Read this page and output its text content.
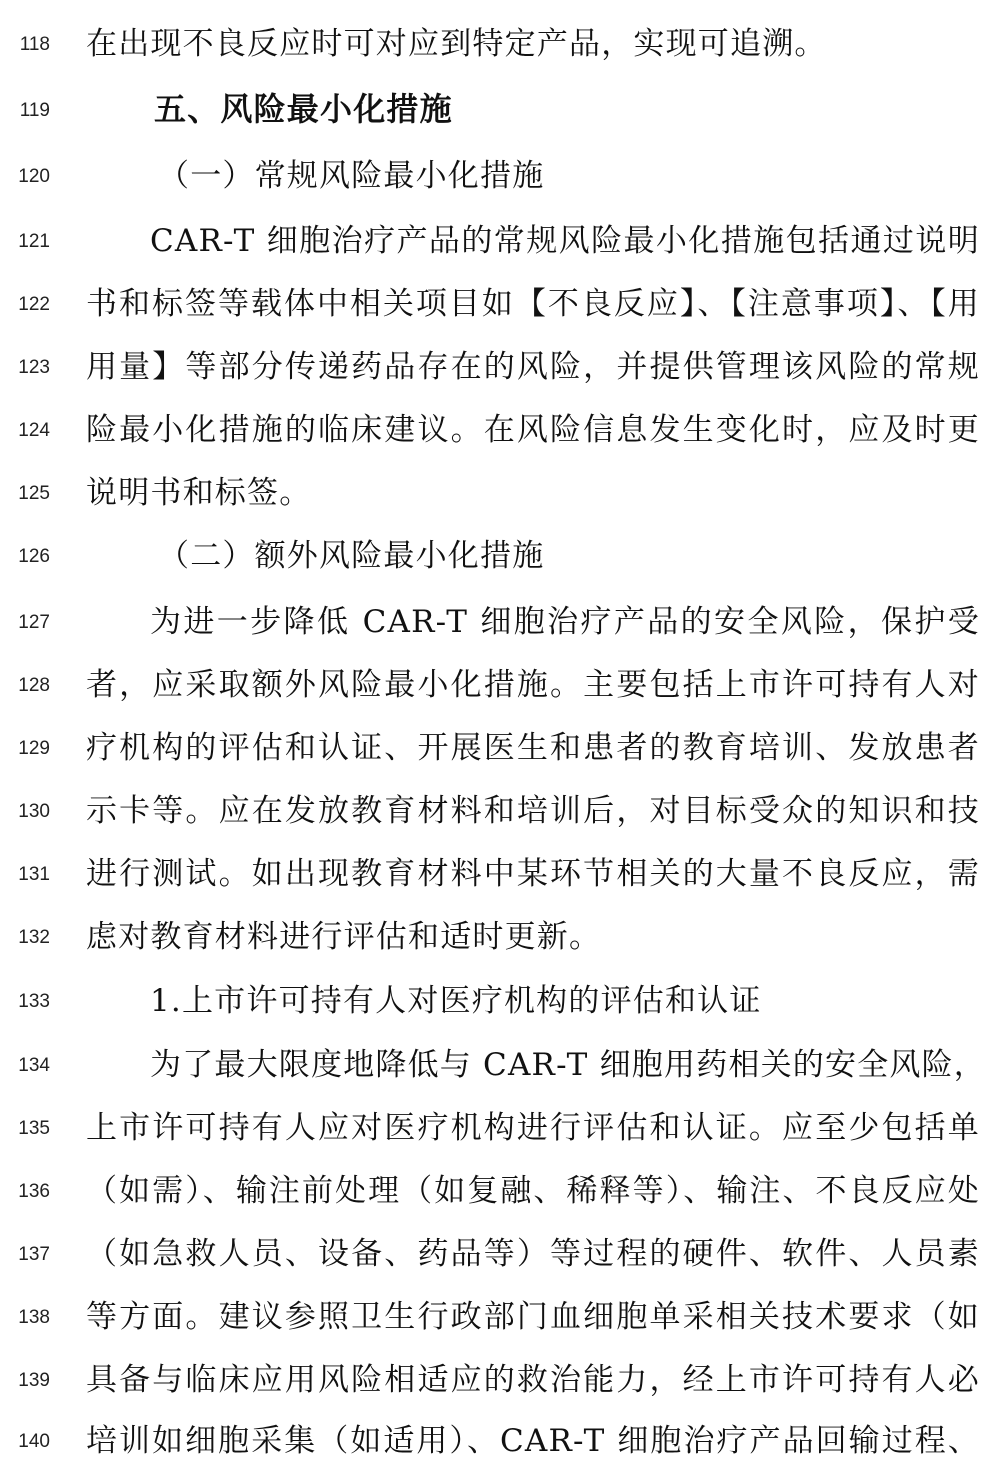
118 在出现不良反应时可对应到特定产品，实现可追溯。
119	五、风险最小化措施
120	（一）常规风险最小化措施
121	CAR-T 细胞治疗产品的常规风险最小化措施包括通过说明
122 书和标签等载体中相关项目如【不良反应】、【注意事项】、【用
123 用量】等部分传递药品存在的风险，并提供管理该风险的常规
124 险最小化措施的临床建议。在风险信息发生变化时，应及时更
125 说明书和标签。
126	（二）额外风险最小化措施
127	为进一步降低 CAR-T 细胞治疗产品的安全风险，保护受
128 者，应采取额外风险最小化措施。主要包括上市许可持有人对
129 疗机构的评估和认证、开展医生和患者的教育培训、发放患者
130 示卡等。应在发放教育材料和培训后，对目标受众的知识和技
131 进行测试。如出现教育材料中某环节相关的大量不良反应，需
132 虑对教育材料进行评估和适时更新。
133	1.上市许可持有人对医疗机构的评估和认证
134	为了最大限度地降低与 CAR-T 细胞用药相关的安全风险，
135 上市许可持有人应对医疗机构进行评估和认证。应至少包括单
136 （如需）、输注前处理（如复融、稀释等）、输注、不良反应处
137 （如急救人员、设备、药品等）等过程的硬件、软件、人员素
138 等方面。建议参照卫生行政部门血细胞单采相关技术要求（如
139 具备与临床应用风险相适应的救治能力，经上市许可持有人必
140 培训如细胞采集（如适用）、CAR-T 细胞治疗产品回输过程、
